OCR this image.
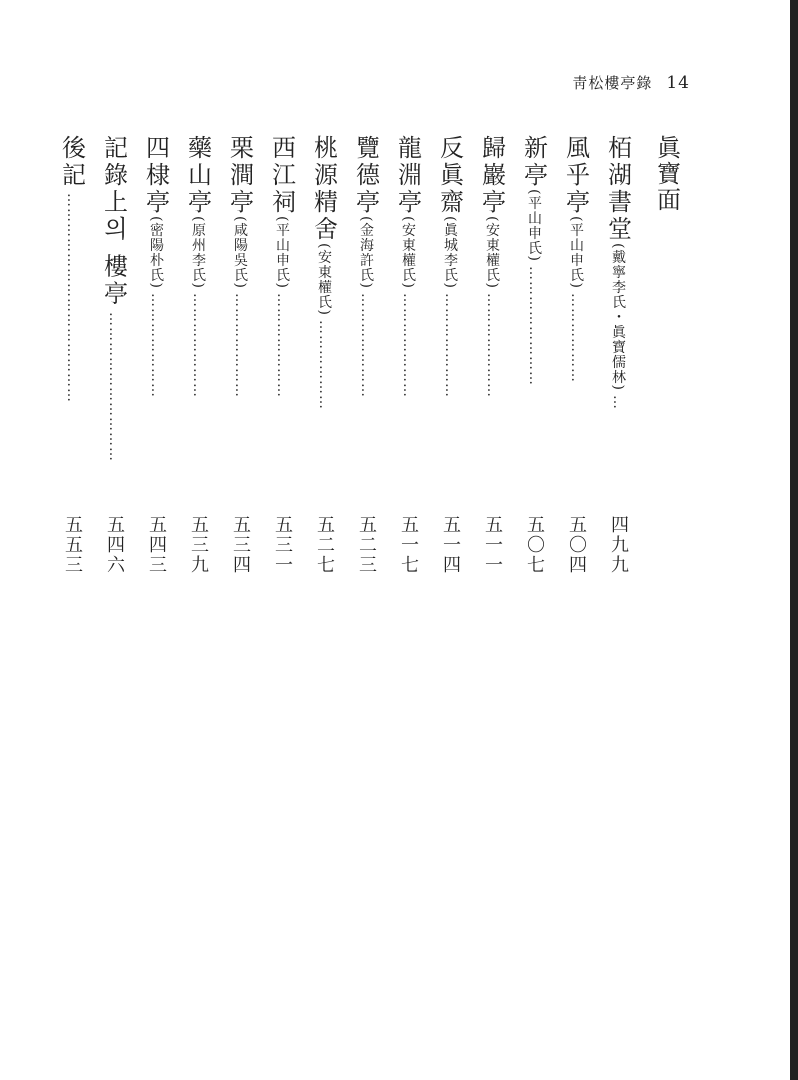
靑松樓亭錄 14
眞寶面
栢湖書堂
(戴寧李氏・眞寶儒林)
…
四九九
風乎亭
(平山申氏)
………………
五〇四
新亭
(平山申氏)
……………………
五〇七
歸巖亭
(安東權氏)
…………………
五一一
反眞齋
(眞城李氏)
…………………
五一四
龍淵亭
(安東權氏)
…………………
五一七
覽德亭
(金海許氏)
…………………
五二三
桃源精舍
(安東權氏)
………………
五二七
西江祠
(平山申氏)
…………………
五三一
栗澗亭
(咸陽吳氏)
…………………
五三四
藥山亭
(原州李氏)
…………………
五三九
四棣亭
(密陽朴氏)
…………………
五四三
記錄上의 樓亭
…………………………
五四六
後記
……………………………………
五五三
